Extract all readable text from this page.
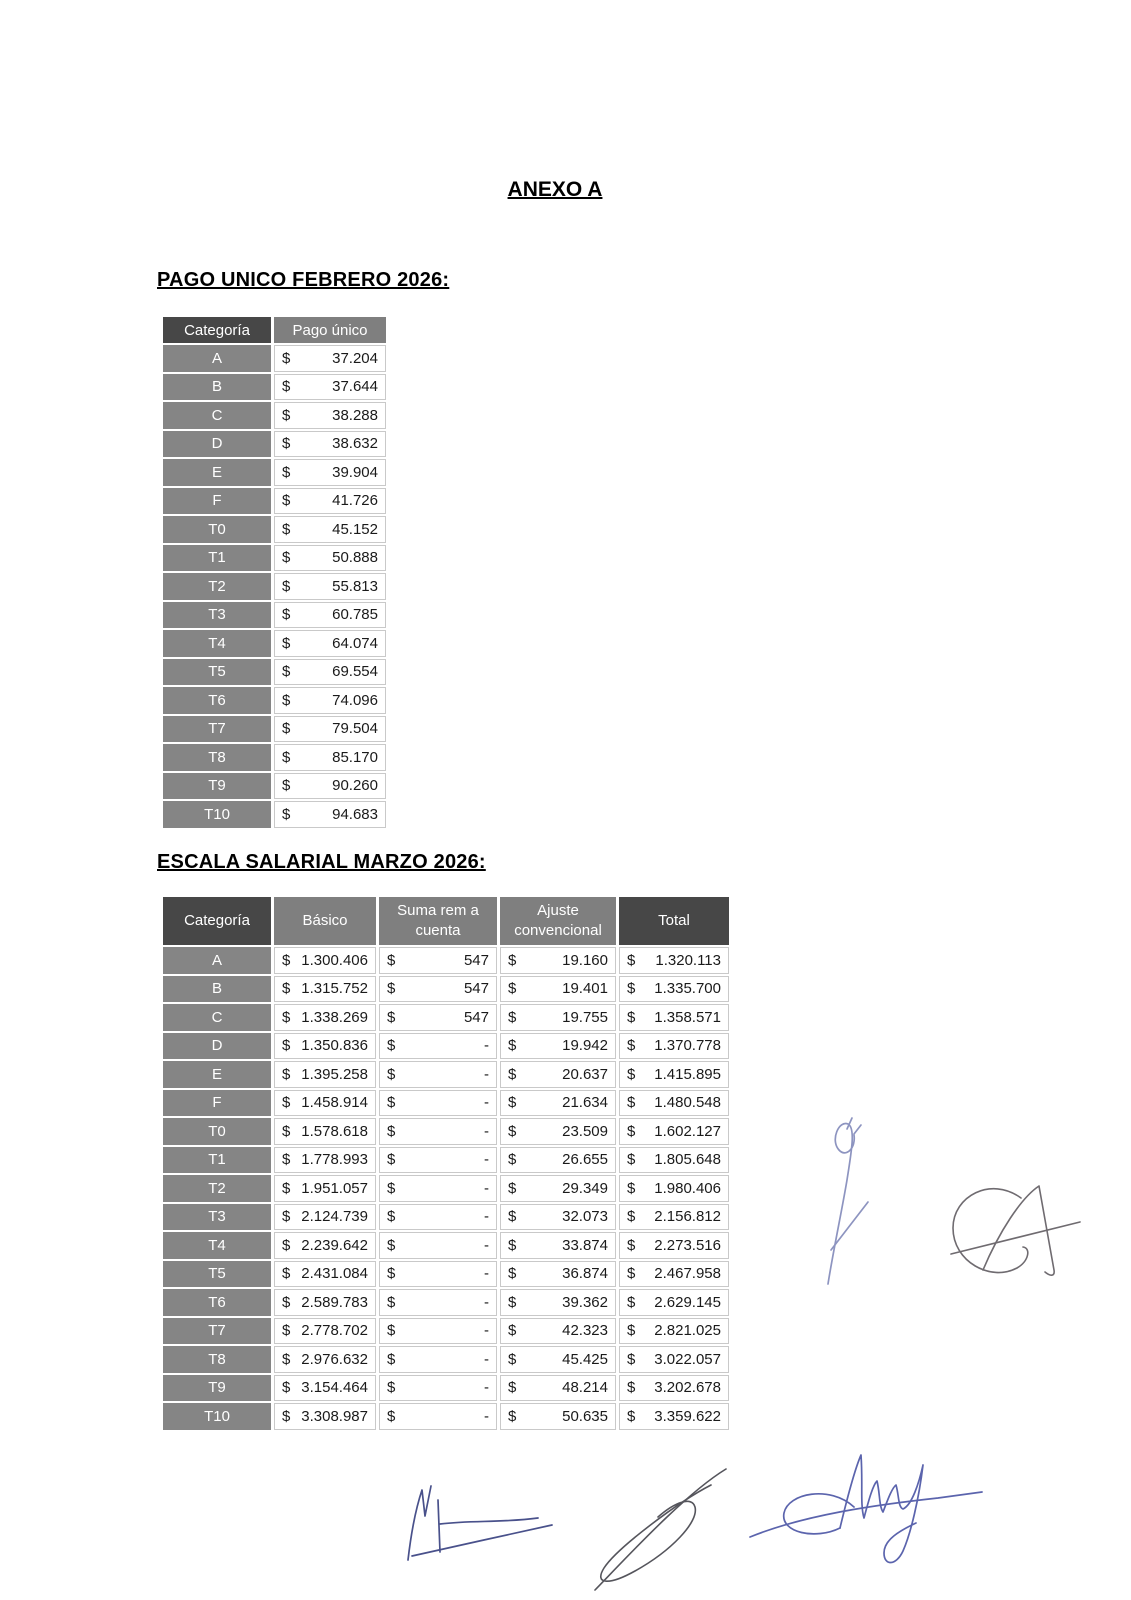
ANEXO A
PAGO UNICO FEBRERO 2026:
Categoría	Pago único
A	$ 37.204

B	$ 37.644

C	$ 38.288

D	$ 38.632

E	$ 39.904

F	$ 41.726

T0	$ 45.152

T1	$ 50.888

T2	$ 55.813

T3	$ 60.785

T4	$ 64.074

T5	$ 69.554

T6	$ 74.096

T7	$ 79.504

T8	$ 85.170

T9	$ 90.260

T10	$ 94.683
ESCALA SALARIAL MARZO 2026:
Categoría	Básico	Suma rem a cuenta	Ajuste convencional	Total
A	$ 1.300.406	$ 547	$ 19.160	$ 1.320.113

B	$ 1.315.752	$ 547	$ 19.401	$ 1.335.700

C	$ 1.338.269	$ 547	$ 19.755	$ 1.358.571

D	$ 1.350.836	$ -	$ 19.942	$ 1.370.778

E	$ 1.395.258	$ -	$ 20.637	$ 1.415.895

F	$ 1.458.914	$ -	$ 21.634	$ 1.480.548

T0	$ 1.578.618	$ -	$ 23.509	$ 1.602.127

T1	$ 1.778.993	$ -	$ 26.655	$ 1.805.648

T2	$ 1.951.057	$ -	$ 29.349	$ 1.980.406

T3	$ 2.124.739	$ -	$ 32.073	$ 2.156.812

T4	$ 2.239.642	$ -	$ 33.874	$ 2.273.516

T5	$ 2.431.084	$ -	$ 36.874	$ 2.467.958

T6	$ 2.589.783	$ -	$ 39.362	$ 2.629.145

T7	$ 2.778.702	$ -	$ 42.323	$ 2.821.025

T8	$ 2.976.632	$ -	$ 45.425	$ 3.022.057

T9	$ 3.154.464	$ -	$ 48.214	$ 3.202.678

T10	$ 3.308.987	$ -	$ 50.635	$ 3.359.622
